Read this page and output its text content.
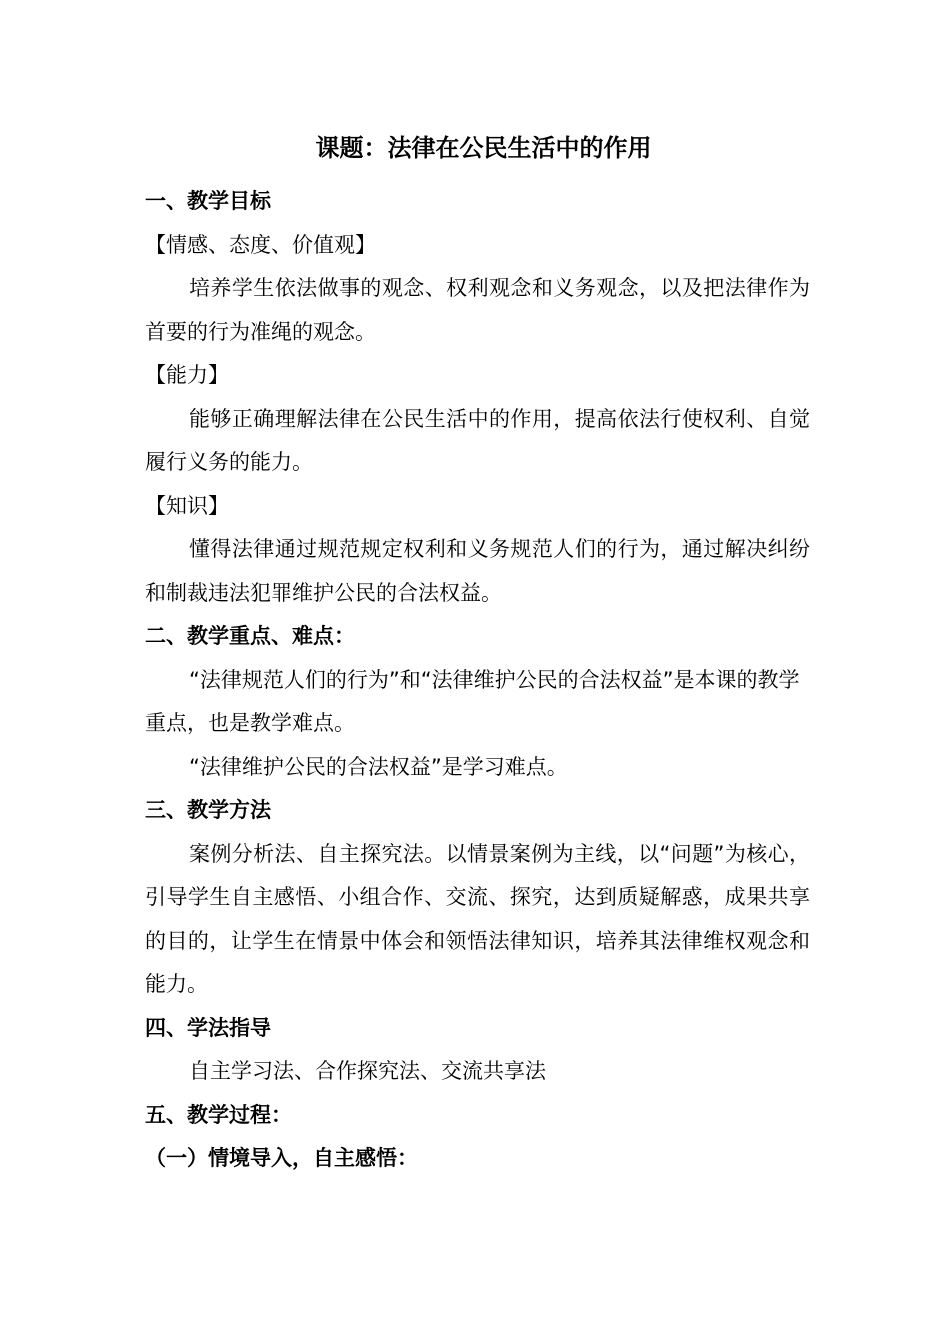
课题：法律在公民生活中的作用
一、教学目标
【情感、态度、价值观】

培养学生依法做事的观念、权利观念和义务观念，以及把法律作为首要的行为准绳的观念。

【能力】

能够正确理解法律在公民生活中的作用，提高依法行使权利、自觉履行义务的能力。

【知识】

懂得法律通过规范规定权利和义务规范人们的行为，通过解决纠纷和制裁违法犯罪维护公民的合法权益。

二、教学重点、难点：

“法律规范人们的行为”和“法律维护公民的合法权益”是本课的教学重点，也是教学难点。

“法律维护公民的合法权益”是学习难点。

三、教学方法

案例分析法、自主探究法。以情景案例为主线，以“问题”为核心，引导学生自主感悟、小组合作、交流、探究，达到质疑解惑，成果共享的目的，让学生在情景中体会和领悟法律知识，培养其法律维权观念和能力。

四、学法指导

自主学习法、合作探究法、交流共享法

五、教学过程：
（一）情境导入，自主感悟：
